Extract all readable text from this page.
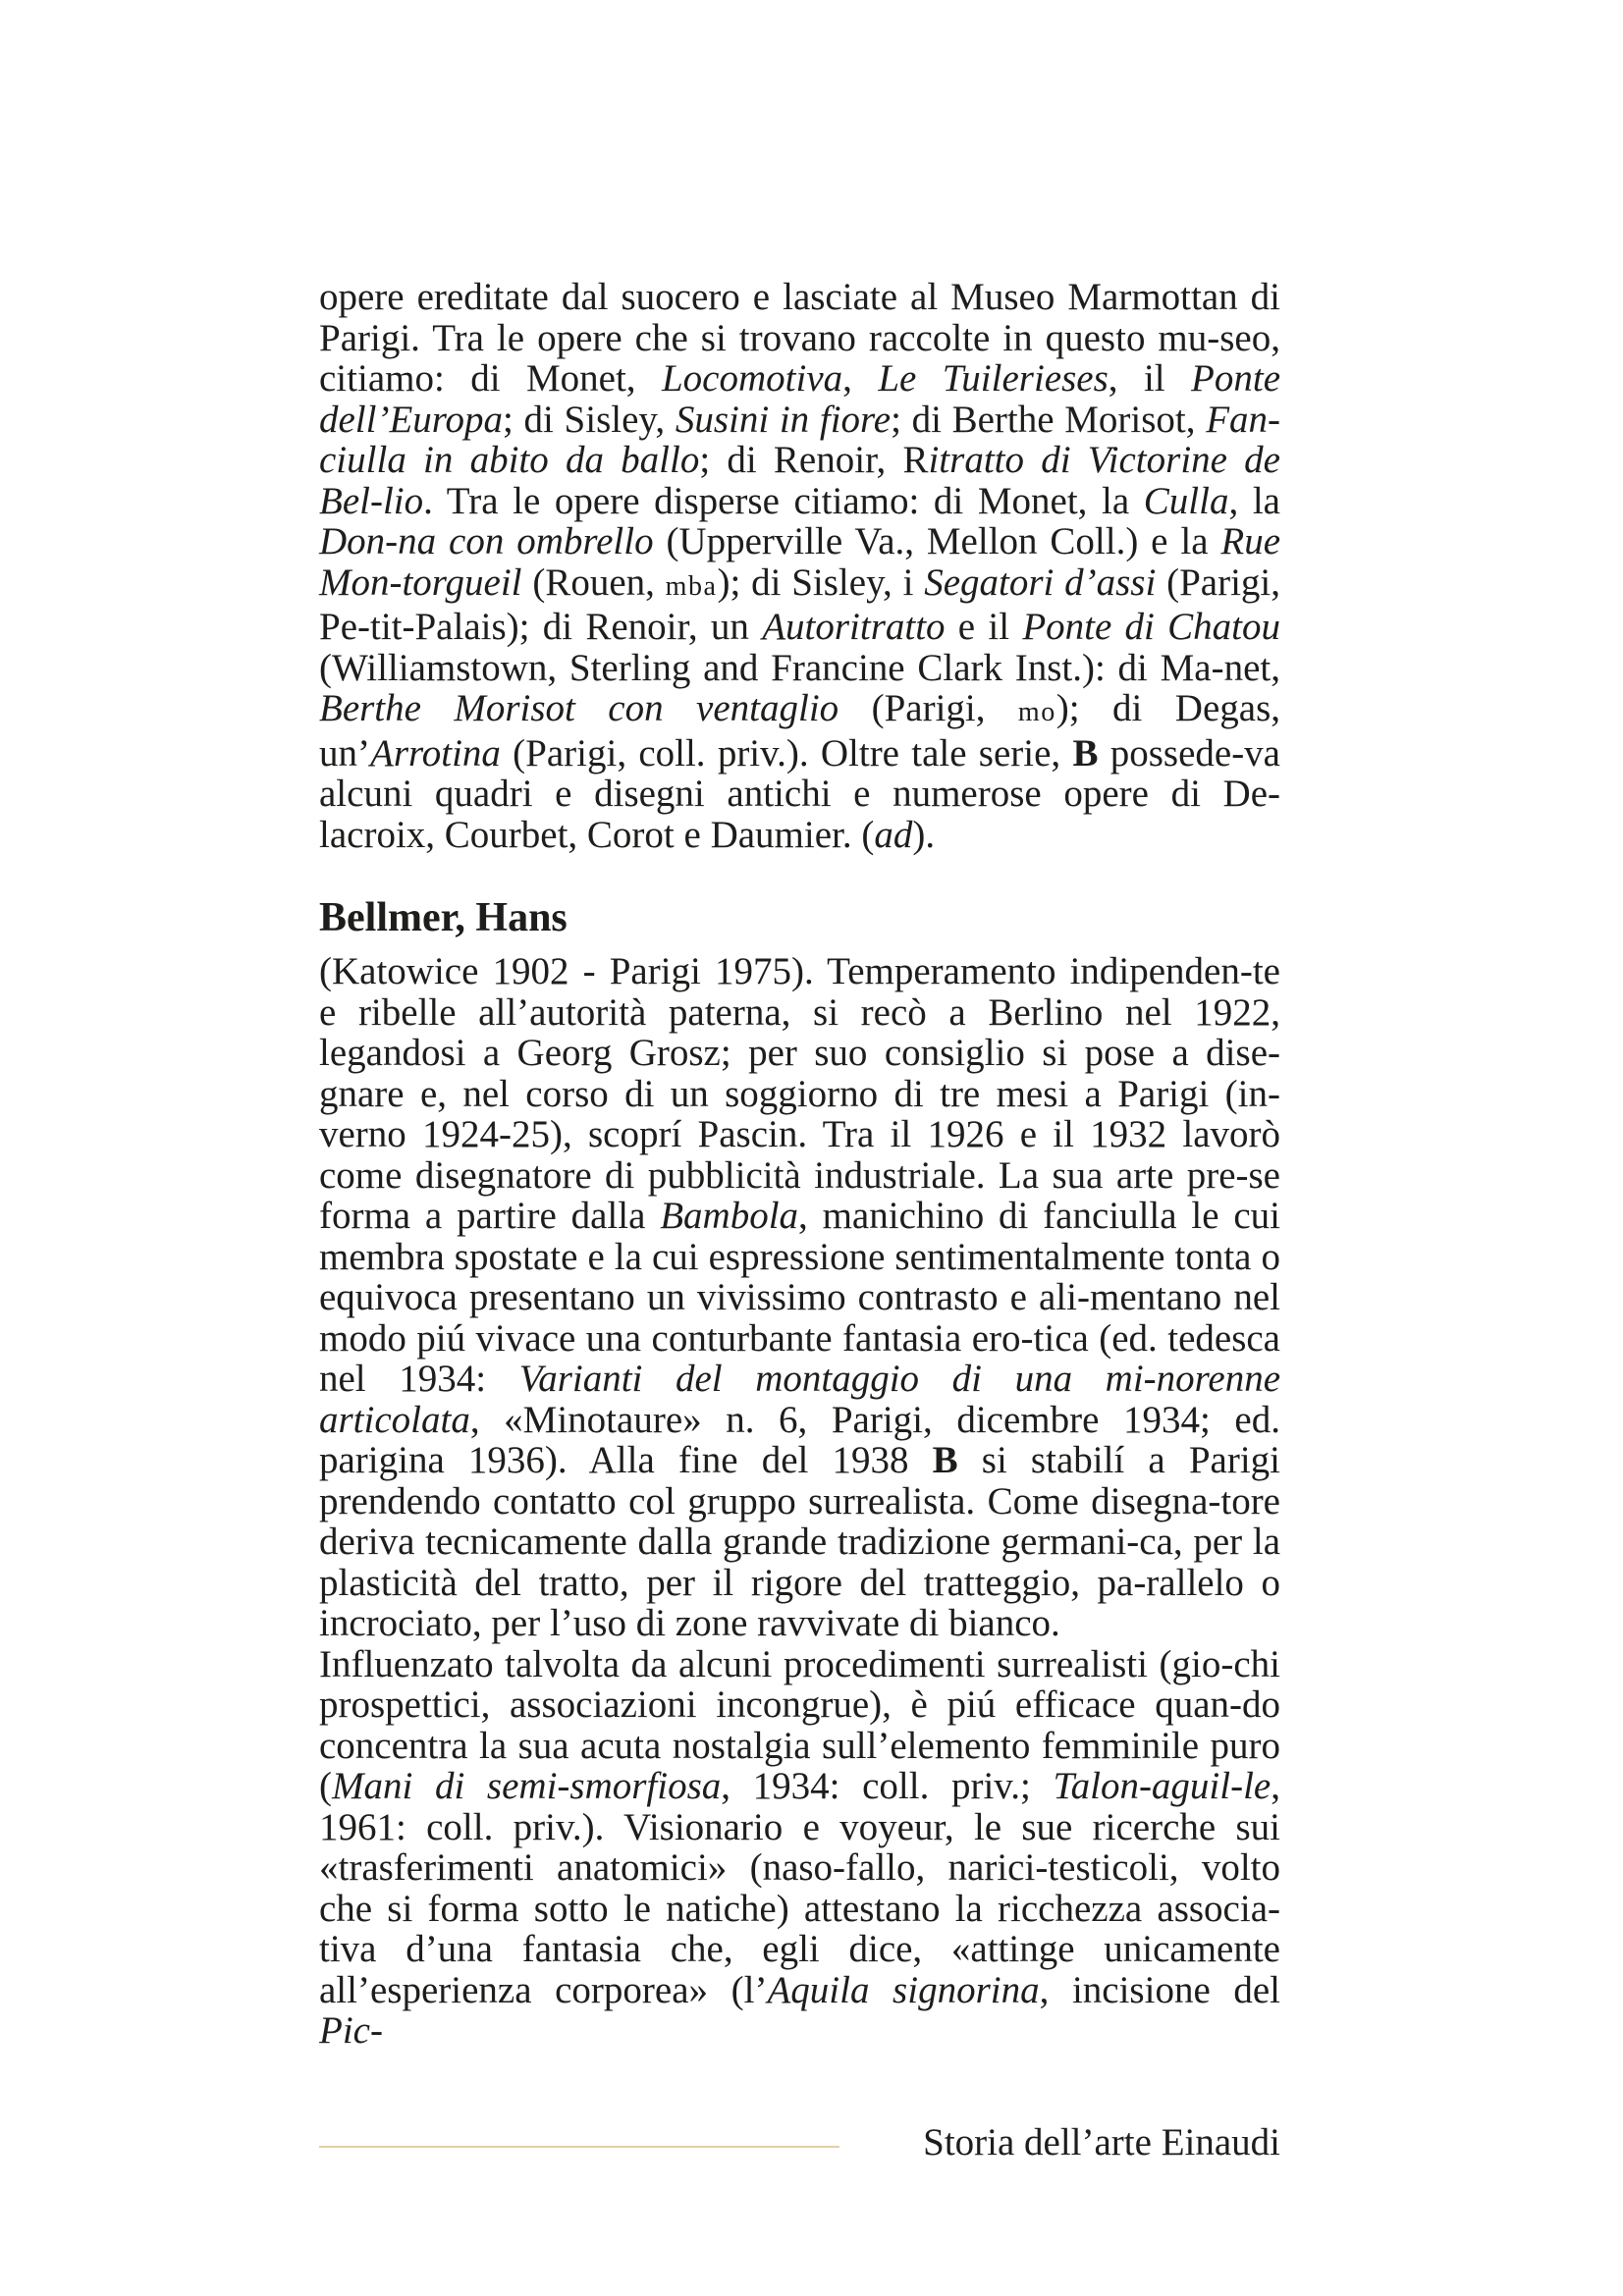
opere ereditate dal suocero e lasciate al Museo Marmottan di Parigi. Tra le opere che si trovano raccolte in questo mu-seo, citiamo: di Monet, Locomotiva, Le Tuilerieses, il Ponte dell’Europa; di Sisley, Susini in fiore; di Berthe Morisot, Fan-ciulla in abito da ballo; di Renoir, Ritratto di Victorine de Bel-lio. Tra le opere disperse citiamo: di Monet, la Culla, la Don-na con ombrello (Upperville Va., Mellon Coll.) e la Rue Mon-torgueil (Rouen, mba); di Sisley, i Segatori d’assi (Parigi, Pe-tit-Palais); di Renoir, un Autoritratto e il Ponte di Chatou (Williamstown, Sterling and Francine Clark Inst.): di Ma-net, Berthe Morisot con ventaglio (Parigi, mo); di Degas, un’Arrotina (Parigi, coll. priv.). Oltre tale serie, B possede-va alcuni quadri e disegni antichi e numerose opere di De-lacroix, Courbet, Corot e Daumier. (ad).

Bellmer, Hans

(Katowice 1902 - Parigi 1975). Temperamento indipenden-te e ribelle all’autorità paterna, si recò a Berlino nel 1922, legandosi a Georg Grosz; per suo consiglio si pose a dise-gnare e, nel corso di un soggiorno di tre mesi a Parigi (in-verno 1924-25), scoprí Pascin. Tra il 1926 e il 1932 lavorò come disegnatore di pubblicità industriale. La sua arte pre-se forma a partire dalla Bambola, manichino di fanciulla le cui membra spostate e la cui espressione sentimentalmente tonta o equivoca presentano un vivissimo contrasto e ali-mentano nel modo piú vivace una conturbante fantasia ero-tica (ed. tedesca nel 1934: Varianti del montaggio di una mi-norenne articolata, «Minotaure» n. 6, Parigi, dicembre 1934; ed. parigina 1936). Alla fine del 1938 B si stabilí a Parigi prendendo contatto col gruppo surrealista. Come disegna-tore deriva tecnicamente dalla grande tradizione germani-ca, per la plasticità del tratto, per il rigore del tratteggio, pa-rallelo o incrociato, per l’uso di zone ravvivate di bianco.
Influenzato talvolta da alcuni procedimenti surrealisti (gio-chi prospettici, associazioni incongrue), è piú efficace quan-do concentra la sua acuta nostalgia sull’elemento femminile puro (Mani di semi-smorfiosa, 1934: coll. priv.; Talon-aguil-le, 1961: coll. priv.). Visionario e voyeur, le sue ricerche sui «trasferimenti anatomici» (naso-fallo, narici-testicoli, volto che si forma sotto le natiche) attestano la ricchezza associa-tiva d’una fantasia che, egli dice, «attinge unicamente all’esperienza corporea» (l’Aquila signorina, incisione del Pic-

Storia dell’arte Einaudi
